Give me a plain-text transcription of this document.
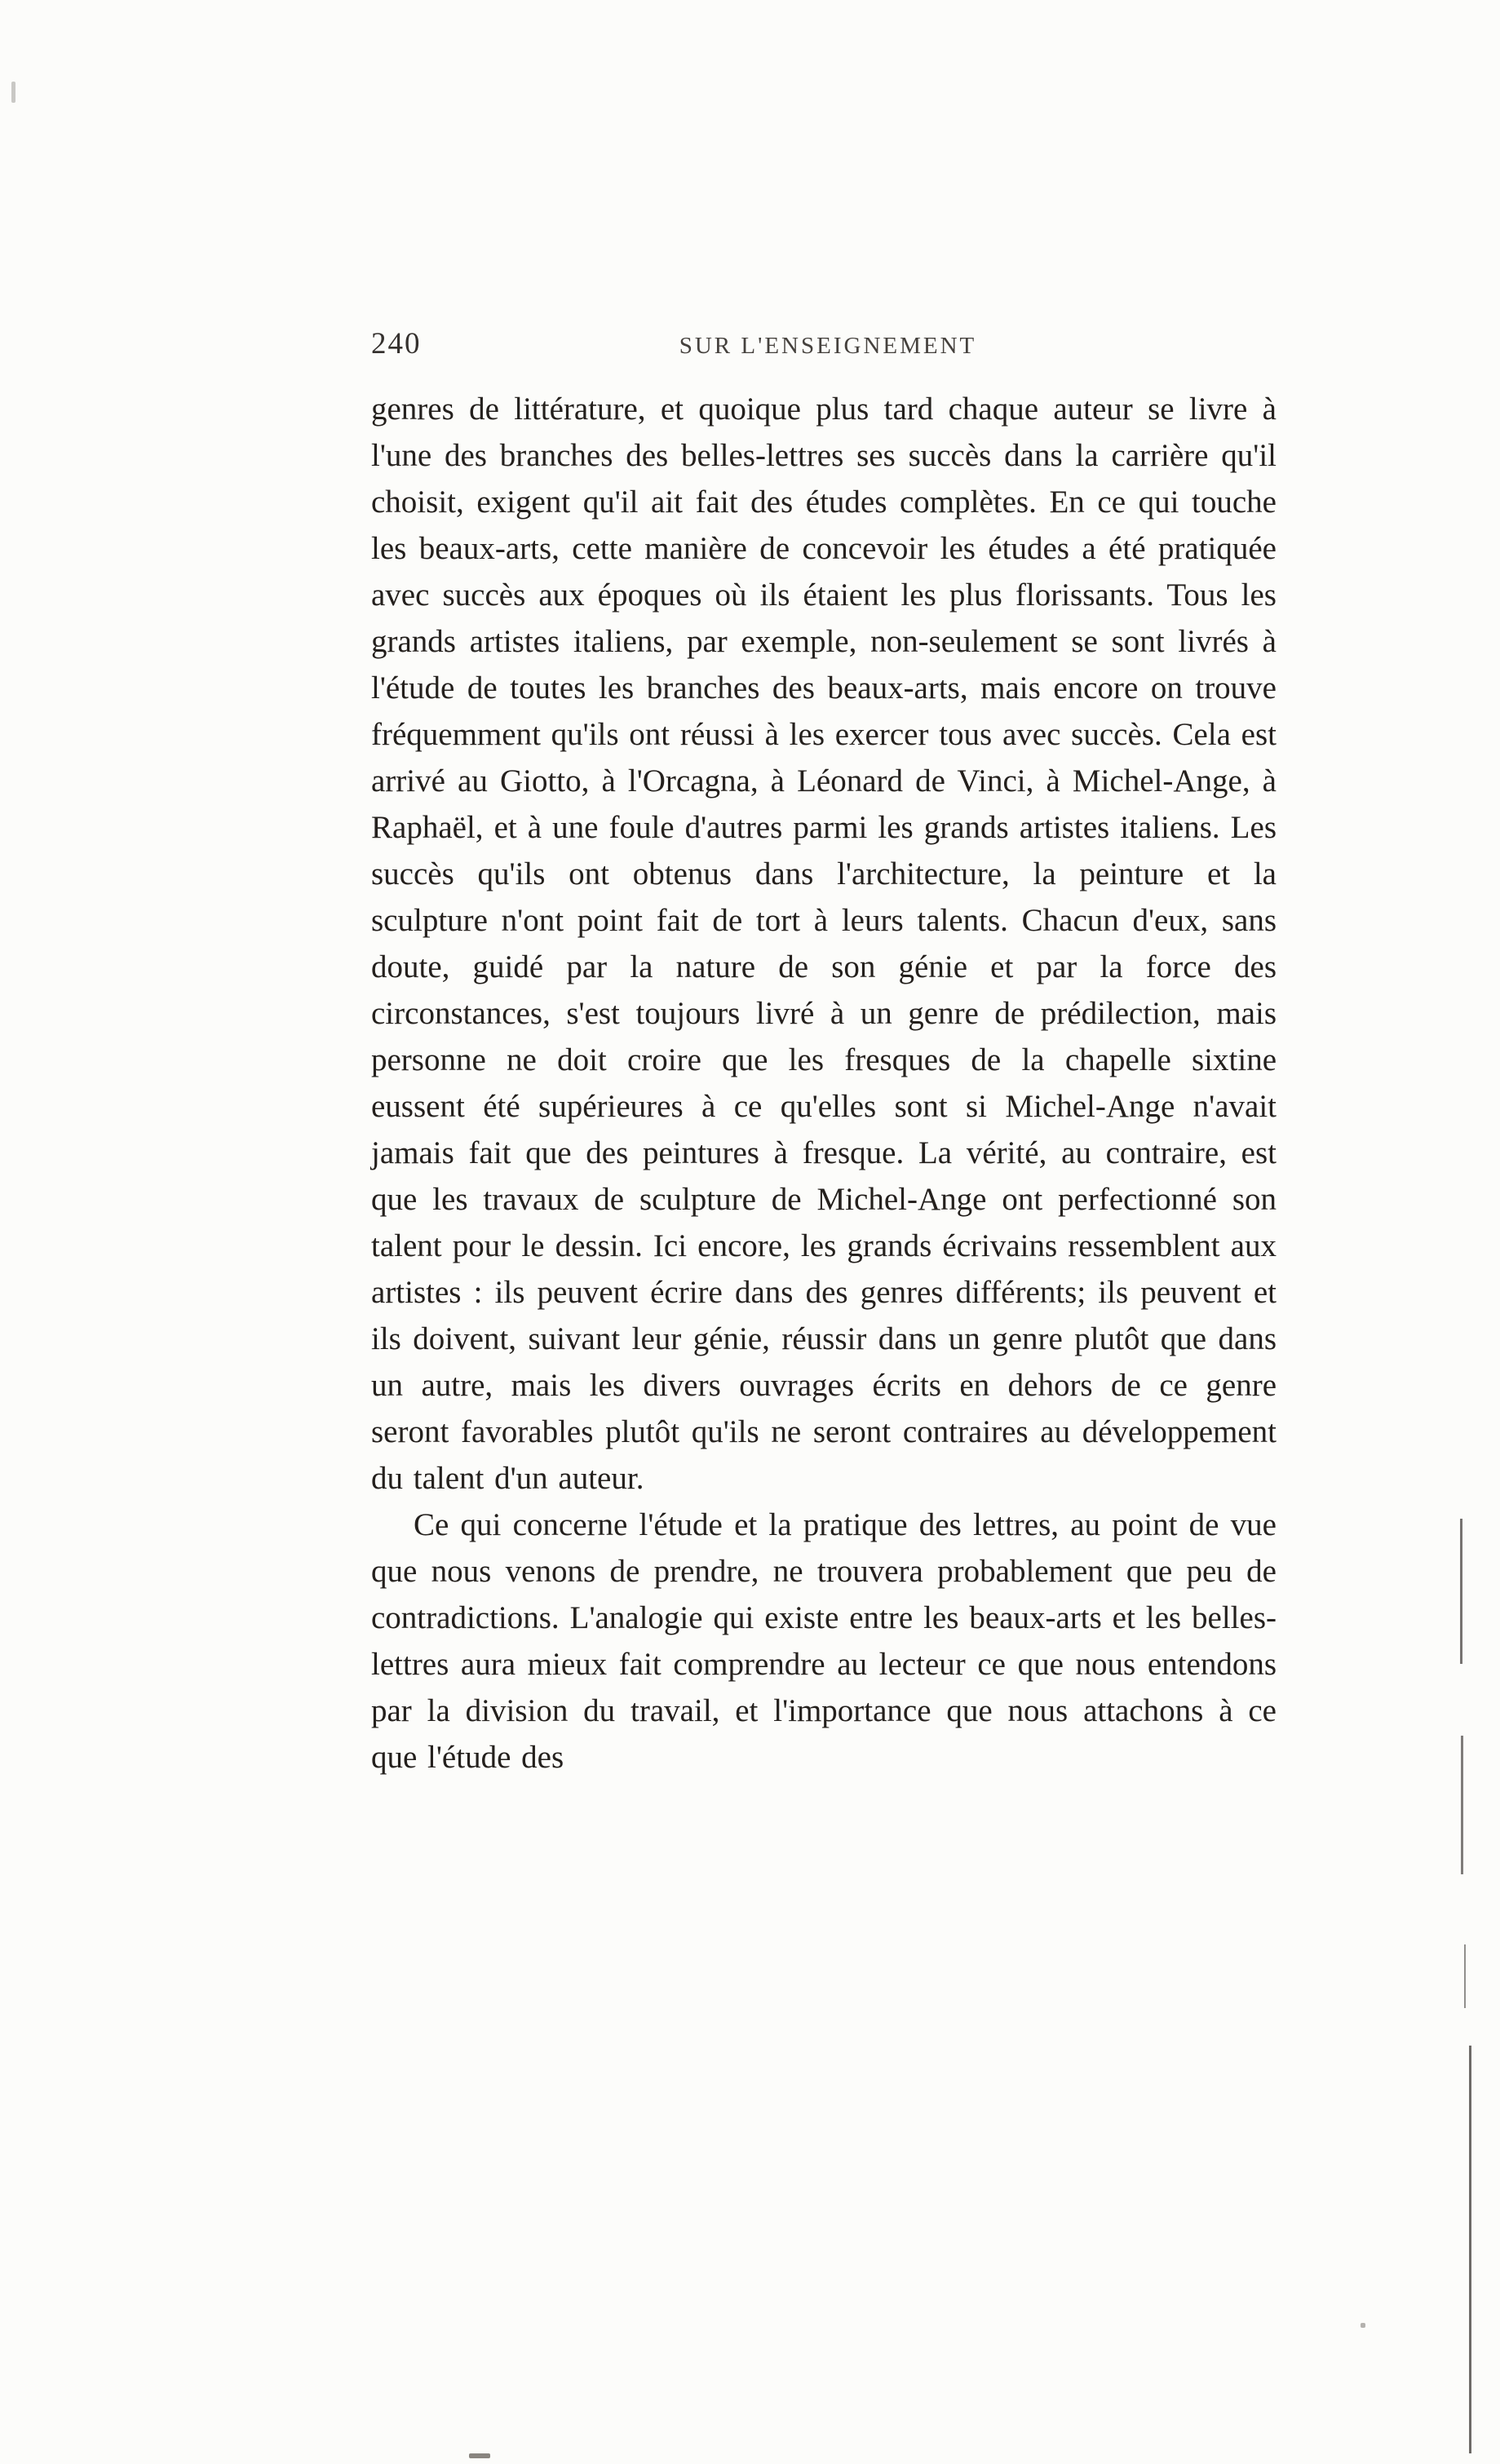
240	SUR L'ENSEIGNEMENT

genres de littérature, et quoique plus tard chaque auteur se livre à l'une des branches des belles-lettres ses succès dans la carrière qu'il choisit, exigent qu'il ait fait des études complètes. En ce qui touche les beaux-arts, cette manière de concevoir les études a été pratiquée avec succès aux époques où ils étaient les plus florissants. Tous les grands artistes italiens, par exemple, non-seulement se sont livrés à l'étude de toutes les branches des beaux-arts, mais encore on trouve fréquemment qu'ils ont réussi à les exercer tous avec succès. Cela est arrivé au Giotto, à l'Orcagna, à Léonard de Vinci, à Michel-Ange, à Raphaël, et à une foule d'autres parmi les grands artistes italiens. Les succès qu'ils ont obtenus dans l'architecture, la peinture et la sculpture n'ont point fait de tort à leurs talents. Chacun d'eux, sans doute, guidé par la nature de son génie et par la force des circonstances, s'est toujours livré à un genre de prédilection, mais personne ne doit croire que les fresques de la chapelle sixtine eussent été supérieures à ce qu'elles sont si Michel-Ange n'avait jamais fait que des peintures à fresque. La vérité, au contraire, est que les travaux de sculpture de Michel-Ange ont perfectionné son talent pour le dessin. Ici encore, les grands écrivains ressemblent aux artistes : ils peuvent écrire dans des genres différents; ils peuvent et ils doivent, suivant leur génie, réussir dans un genre plutôt que dans un autre, mais les divers ouvrages écrits en dehors de ce genre seront favorables plutôt qu'ils ne seront contraires au développement du talent d'un auteur.

Ce qui concerne l'étude et la pratique des lettres, au point de vue que nous venons de prendre, ne trouvera probablement que peu de contradictions. L'analogie qui existe entre les beaux-arts et les belles-lettres aura mieux fait comprendre au lecteur ce que nous entendons par la division du travail, et l'importance que nous attachons à ce que l'étude des
